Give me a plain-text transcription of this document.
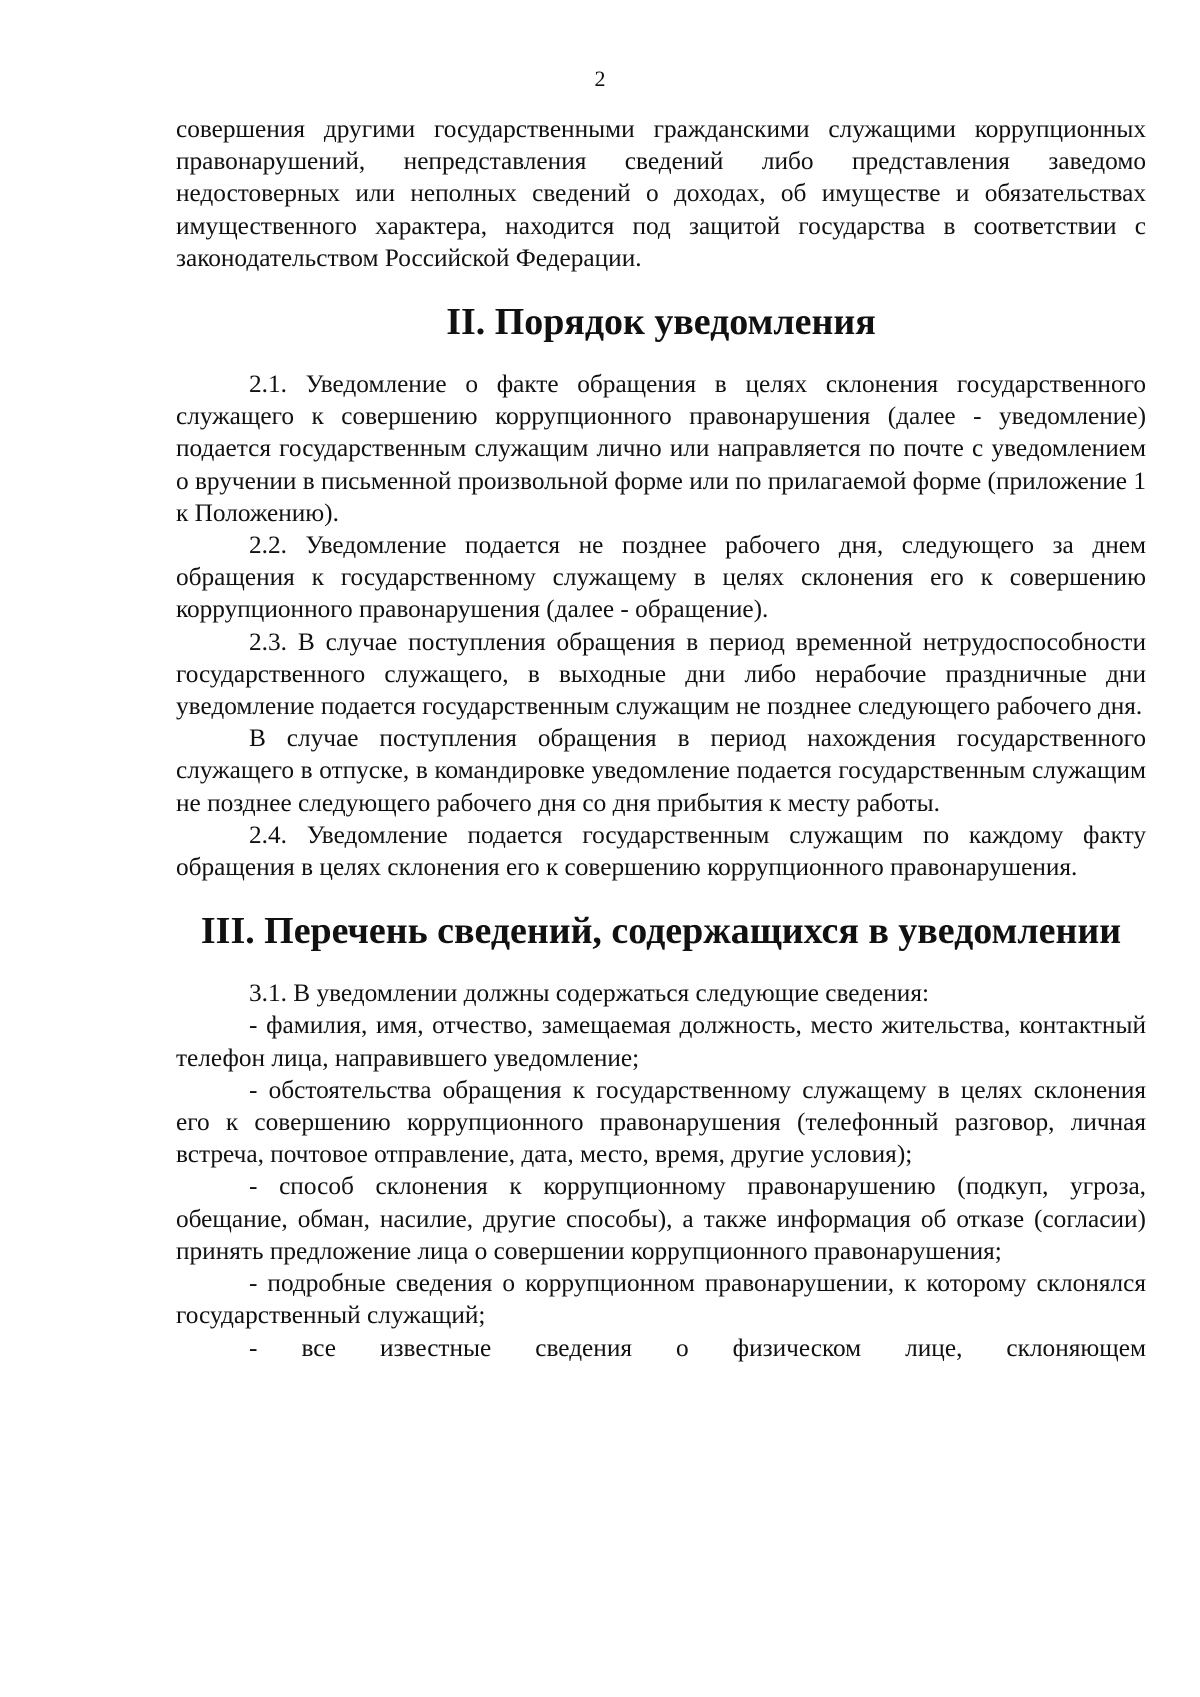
2

совершения другими государственными гражданскими служащими коррупционных правонарушений, непредставления сведений либо представления заведомо недостоверных или неполных сведений о доходах, об имуществе и обязательствах имущественного характера, находится под защитой государства в соответствии с законодательством Российской Федерации.

II. Порядок уведомления

2.1. Уведомление о факте обращения в целях склонения государственного служащего к совершению коррупционного правонарушения (далее - уведомление) подается государственным служащим лично или направляется по почте с уведомлением о вручении в письменной произвольной форме или по прилагаемой форме (приложение 1 к Положению).

2.2. Уведомление подается не позднее рабочего дня, следующего за днем обращения к государственному служащему в целях склонения его к совершению коррупционного правонарушения (далее - обращение).

2.3. В случае поступления обращения в период временной нетрудоспособности государственного служащего, в выходные дни либо нерабочие праздничные дни уведомление подается государственным служащим не позднее следующего рабочего дня.

В случае поступления обращения в период нахождения государственного служащего в отпуске, в командировке уведомление подается государственным служащим не позднее следующего рабочего дня со дня прибытия к месту работы.

2.4. Уведомление подается государственным служащим по каждому факту обращения в целях склонения его к совершению коррупционного правонарушения.

III. Перечень сведений, содержащихся в уведомлении

3.1. В уведомлении должны содержаться следующие сведения:

- фамилия, имя, отчество, замещаемая должность, место жительства, контактный телефон лица, направившего уведомление;

- обстоятельства обращения к государственному служащему в целях склонения его к совершению коррупционного правонарушения (телефонный разговор, личная встреча, почтовое отправление, дата, место, время, другие условия);

- способ склонения к коррупционному правонарушению (подкуп, угроза, обещание, обман, насилие, другие способы), а также информация об отказе (согласии) принять предложение лица о совершении коррупционного правонарушения;

- подробные сведения о коррупционном правонарушении, к которому склонялся государственный служащий;

- все известные сведения о физическом лице, склоняющем
